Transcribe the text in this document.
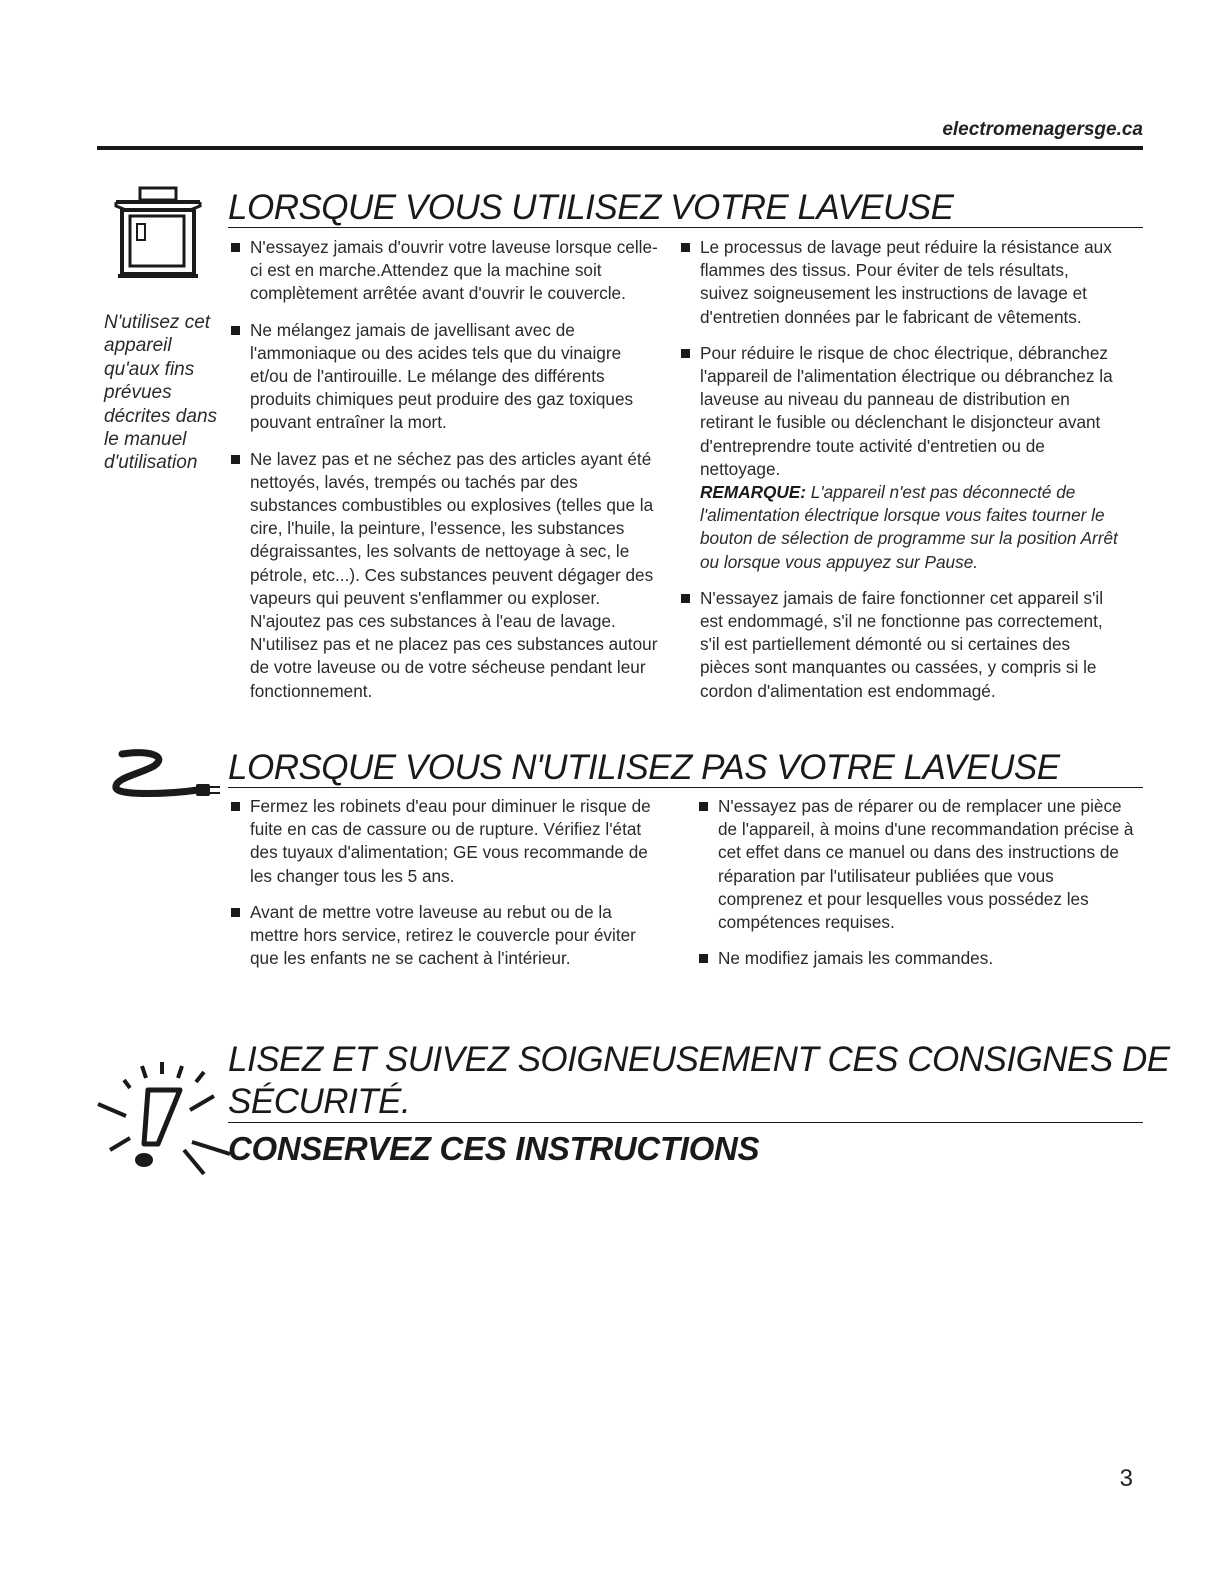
electromenagersge.ca
LORSQUE VOUS UTILISEZ VOTRE LAVEUSE
N'utilisez cet appareil qu'aux fins prévues décrites dans le manuel d'utilisation
N'essayez jamais d'ouvrir votre laveuse lorsque celle-ci est en marche.Attendez que la machine soit complètement arrêtée avant d'ouvrir le couvercle.
Ne mélangez jamais de javellisant avec de l'ammoniaque ou des acides tels que du vinaigre et/ou de l'antirouille. Le mélange des différents produits chimiques peut produire des gaz toxiques pouvant entraîner la mort.
Ne lavez pas et ne séchez pas des articles ayant été nettoyés, lavés, trempés ou tachés par des substances combustibles ou explosives (telles que la cire, l'huile, la peinture, l'essence, les substances dégraissantes, les solvants de nettoyage à sec, le pétrole, etc...). Ces substances peuvent dégager des vapeurs qui peuvent s'enflammer ou exploser. N'ajoutez pas ces substances à l'eau de lavage. N'utilisez pas et ne placez pas ces substances autour de votre laveuse ou de votre sécheuse pendant leur fonctionnement.
Le processus de lavage peut réduire la résistance aux flammes des tissus. Pour éviter de tels résultats, suivez soigneusement les instructions de lavage et d'entretien données par le fabricant de vêtements.
Pour réduire le risque de choc électrique, débranchez l'appareil de l'alimentation électrique ou débranchez la laveuse au niveau du panneau de distribution en retirant le fusible ou déclenchant le disjoncteur avant d'entreprendre toute activité d'entretien ou de nettoyage.
REMARQUE: L'appareil n'est pas déconnecté de l'alimentation électrique lorsque vous faites tourner le bouton de sélection de programme sur la position Arrêt ou lorsque vous appuyez sur Pause.
N'essayez jamais de faire fonctionner cet appareil s'il est endommagé, s'il ne fonctionne pas correctement, s'il est partiellement démonté ou si certaines des pièces sont manquantes ou cassées, y compris si le cordon d'alimentation est endommagé.
LORSQUE VOUS N'UTILISEZ PAS VOTRE LAVEUSE
Fermez les robinets d'eau pour diminuer le risque de fuite en cas de cassure ou de rupture. Vérifiez l'état des tuyaux d'alimentation; GE vous recommande de les changer tous les 5 ans.
Avant de mettre votre laveuse au rebut ou de la mettre hors service, retirez le couvercle pour éviter que les enfants ne se cachent à l'intérieur.
N'essayez pas de réparer ou de remplacer une pièce de l'appareil, à moins d'une recommandation précise à cet effet dans ce manuel ou dans des instructions de réparation par l'utilisateur publiées que vous comprenez et pour lesquelles vous possédez les compétences requises.
Ne modifiez jamais les commandes.
LISEZ ET SUIVEZ SOIGNEUSEMENT CES CONSIGNES DE
SÉCURITÉ.
CONSERVEZ CES INSTRUCTIONS
3
